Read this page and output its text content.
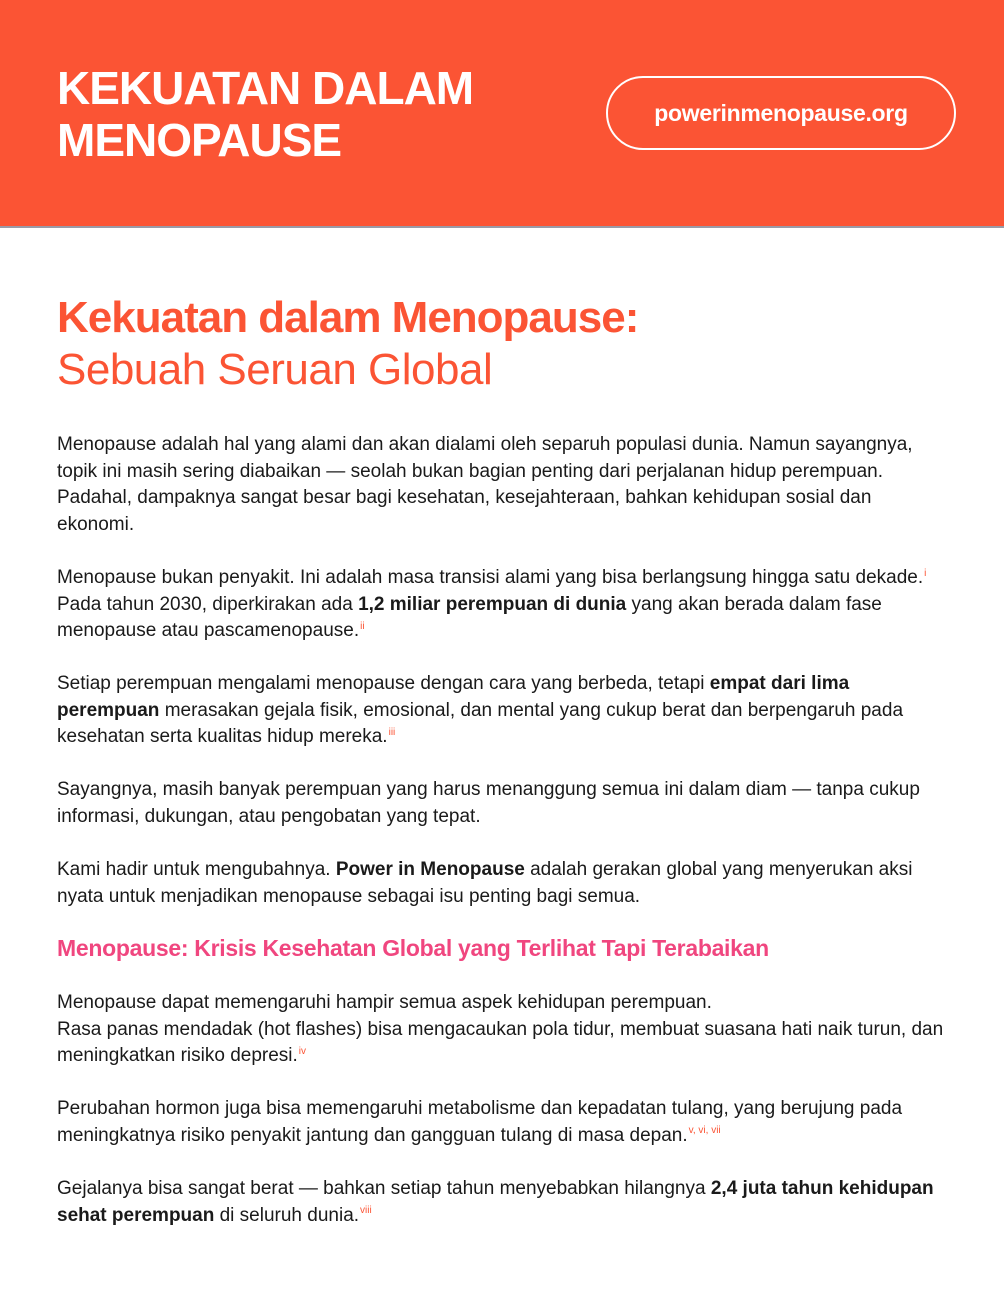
KEKUATAN DALAM
MENOPAUSE
powerinmenopause.org
Kekuatan dalam Menopause:
Sebuah Seruan Global

Menopause adalah hal yang alami dan akan dialami oleh separuh populasi dunia. Namun sayangnya, topik ini masih sering diabaikan — seolah bukan bagian penting dari perjalanan hidup perempuan. Padahal, dampaknya sangat besar bagi kesehatan, kesejahteraan, bahkan kehidupan sosial dan ekonomi.

Menopause bukan penyakit. Ini adalah masa transisi alami yang bisa berlangsung hingga satu dekade.$^i$ Pada tahun 2030, diperkirakan ada 1,2 miliar perempuan di dunia yang akan berada dalam fase menopause atau pascamenopause.$^{ii}$

Setiap perempuan mengalami menopause dengan cara yang berbeda, tetapi empat dari lima perempuan merasakan gejala fisik, emosional, dan mental yang cukup berat dan berpengaruh pada kesehatan serta kualitas hidup mereka.$^{iii}$

Sayangnya, masih banyak perempuan yang harus menanggung semua ini dalam diam — tanpa cukup informasi, dukungan, atau pengobatan yang tepat.

Kami hadir untuk mengubahnya. Power in Menopause adalah gerakan global yang menyerukan aksi nyata untuk menjadikan menopause sebagai isu penting bagi semua.

Menopause: Krisis Kesehatan Global yang Terlihat Tapi Terabaikan

Menopause dapat memengaruhi hampir semua aspek kehidupan perempuan.
Rasa panas mendadak (hot flashes) bisa mengacaukan pola tidur, membuat suasana hati naik turun, dan meningkatkan risiko depresi.$^{iv}$

Perubahan hormon juga bisa memengaruhi metabolisme dan kepadatan tulang, yang berujung pada meningkatnya risiko penyakit jantung dan gangguan tulang di masa depan.$^{v, vi, vii}$

Gejalanya bisa sangat berat — bahkan setiap tahun menyebabkan hilangnya 2,4 juta tahun kehidupan sehat perempuan di seluruh dunia.$^{viii}$
